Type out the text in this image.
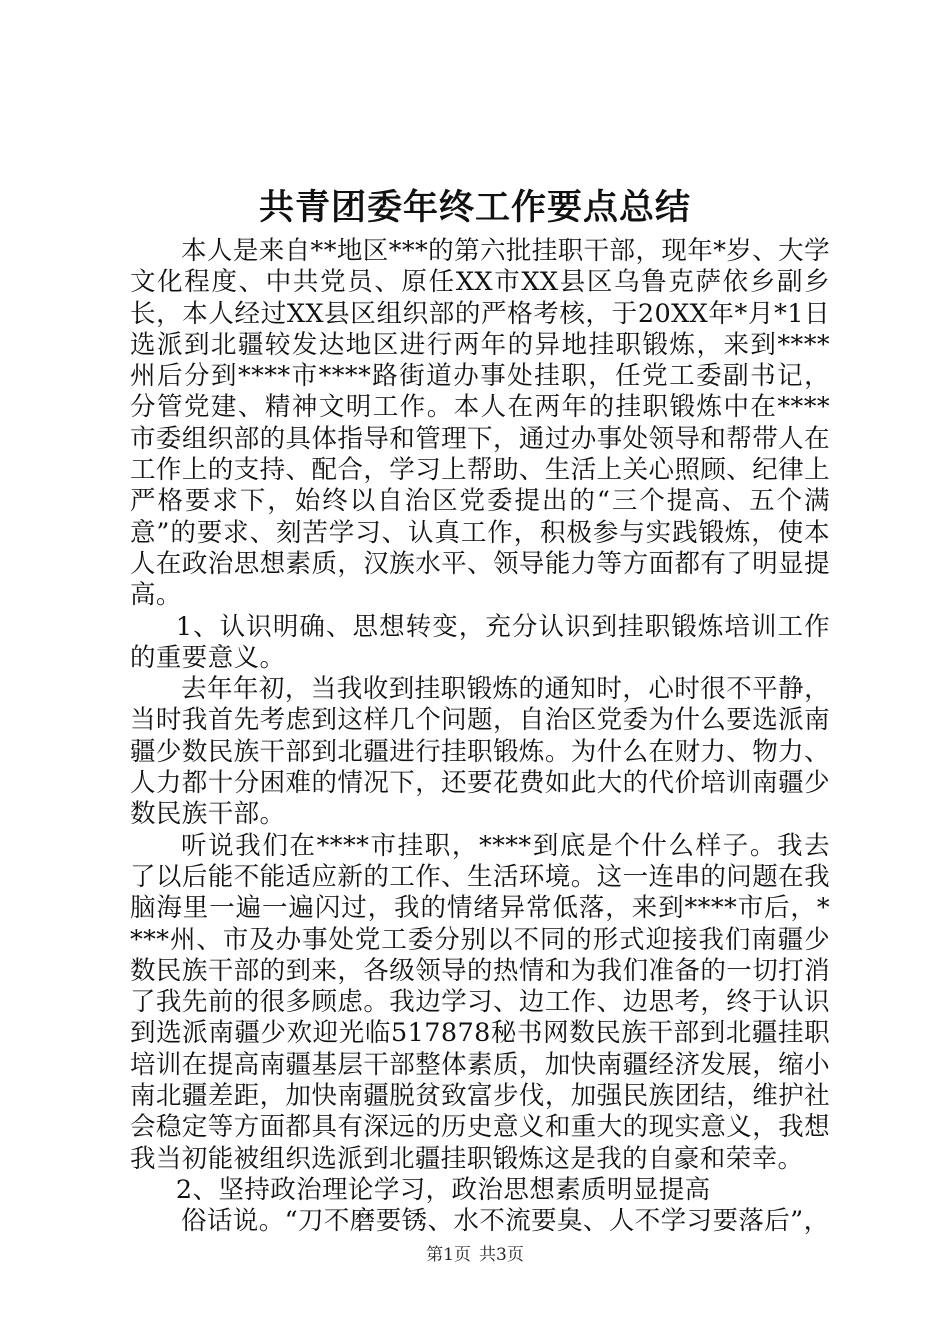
共青团委年终工作要点总结

本人是来自**地区***的第六批挂职干部，现年*岁、大学文化程度、中共党员、原任XX市XX县区乌鲁克萨依乡副乡长，本人经过XX县区组织部的严格考核，于20XX年*月*1日选派到北疆较发达地区进行两年的异地挂职锻炼，来到****州后分到****市****路街道办事处挂职，任党工委副书记，分管党建、精神文明工作。本人在两年的挂职锻炼中在****市委组织部的具体指导和管理下，通过办事处领导和帮带人在工作上的支持、配合，学习上帮助、生活上关心照顾、纪律上严格要求下，始终以自治区党委提出的“三个提高、五个满意”的要求、刻苦学习、认真工作，积极参与实践锻炼，使本人在政治思想素质，汉族水平、领导能力等方面都有了明显提高。

1、认识明确、思想转变，充分认识到挂职锻炼培训工作的重要意义。

去年年初，当我收到挂职锻炼的通知时，心时很不平静，当时我首先考虑到这样几个问题，自治区党委为什么要选派南疆少数民族干部到北疆进行挂职锻炼。为什么在财力、物力、人力都十分困难的情况下，还要花费如此大的代价培训南疆少数民族干部。

听说我们在****市挂职，****到底是个什么样子。我去了以后能不能适应新的工作、生活环境。这一连串的问题在我脑海里一遍一遍闪过，我的情绪异常低落，来到****市后，****州、市及办事处党工委分别以不同的形式迎接我们南疆少数民族干部的到来，各级领导的热情和为我们准备的一切打消了我先前的很多顾虑。我边学习、边工作、边思考，终于认识到选派南疆少欢迎光临517878秘书网数民族干部到北疆挂职培训在提高南疆基层干部整体素质，加快南疆经济发展，缩小南北疆差距，加快南疆脱贫致富步伐，加强民族团结，维护社会稳定等方面都具有深远的历史意义和重大的现实意义，我想我当初能被组织选派到北疆挂职锻炼这是我的自豪和荣幸。

2、坚持政治理论学习，政治思想素质明显提高

俗话说。“刀不磨要锈、水不流要臭、人不学习要落后”，

第1页 共3页
